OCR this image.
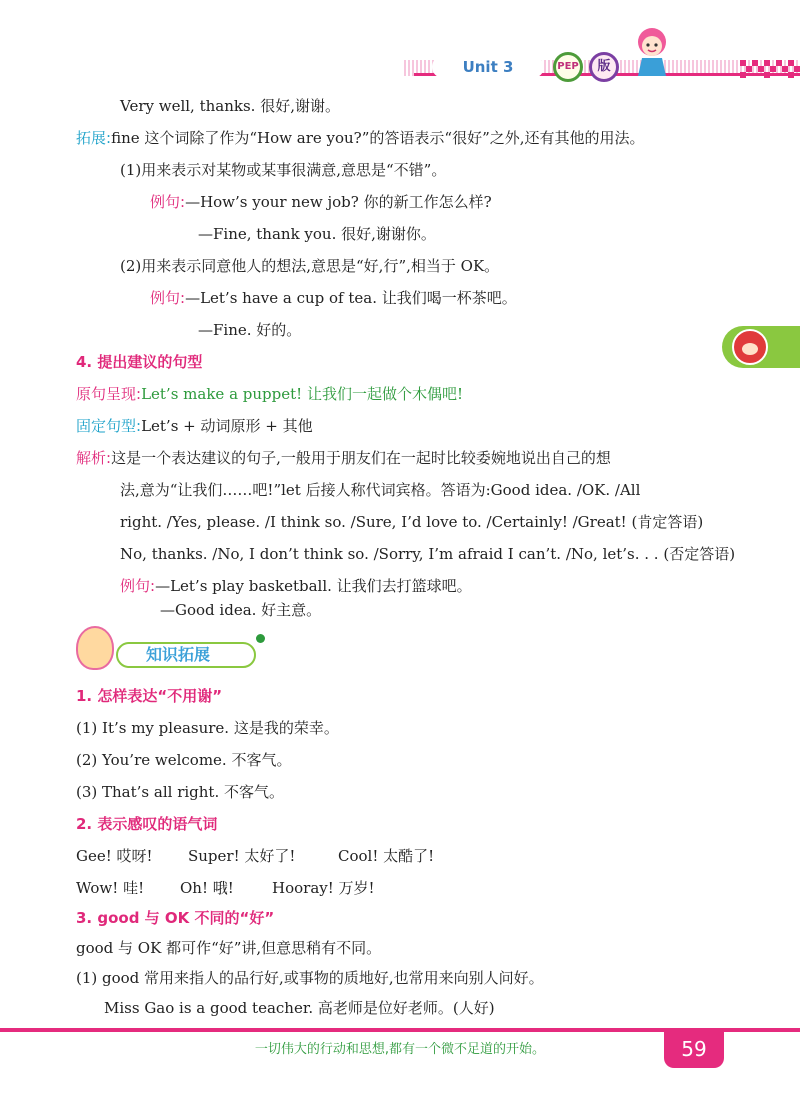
Unit 3	PEP	版
Very well, thanks. 很好,谢谢。
拓展:fine 这个词除了作为“How are you?”的答语表示“很好”之外,还有其他的用法。
(1)用来表示对某物或某事很满意,意思是“不错”。
例句:—How’s your new job? 你的新工作怎么样?
—Fine, thank you. 很好,谢谢你。
(2)用来表示同意他人的想法,意思是“好,行”,相当于 OK。
例句:—Let’s have a cup of tea. 让我们喝一杯茶吧。
—Fine. 好的。
4. 提出建议的句型
原句呈现:Let’s make a puppet! 让我们一起做个木偶吧!
固定句型:Let’s + 动词原形 + 其他
解析:这是一个表达建议的句子,一般用于朋友们在一起时比较委婉地说出自己的想
法,意为“让我们……吧!”let 后接人称代词宾格。答语为:Good idea. /OK. /All
right. /Yes, please. /I think so. /Sure, I’d love to. /Certainly! /Great! (肯定答语)
No, thanks. /No, I don’t think so. /Sorry, I’m afraid I can’t. /No, let’s. . . (否定答语)
例句:—Let’s play basketball. 让我们去打篮球吧。
—Good idea. 好主意。
知识拓展
1. 怎样表达“不用谢”
(1) It’s my pleasure. 这是我的荣幸。
(2) You’re welcome. 不客气。
(3) That’s all right. 不客气。
2. 表示感叹的语气词
Gee! 哎呀! Super! 太好了!	Cool! 太酷了!
Wow! 哇! Oh! 哦!	Hooray! 万岁!
3. good 与 OK 不同的“好”
good 与 OK 都可作“好”讲,但意思稍有不同。
(1) good 常用来指人的品行好,或事物的质地好,也常用来向别人问好。
Miss Gao is a good teacher. 高老师是位好老师。(人好)
一切伟大的行动和思想,都有一个微不足道的开始。	59
